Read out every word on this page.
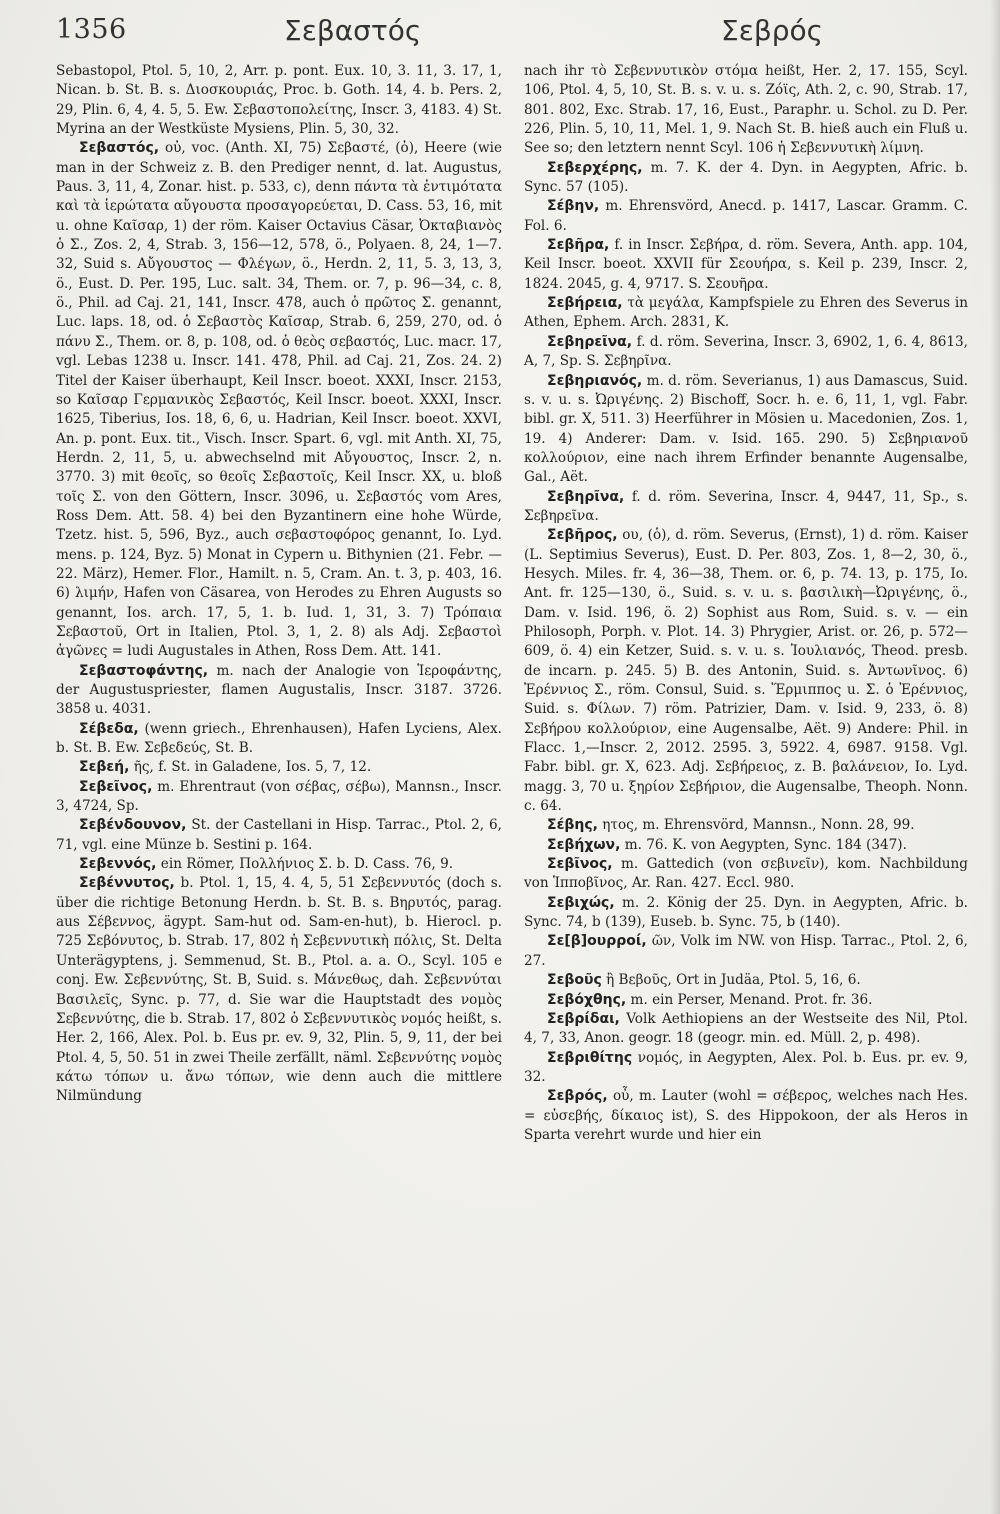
1356	Σεβαστός	Σεβρός

Sebastopol, Ptol. 5, 10, 2, Arr. p. pont. Eux. 10, 3. 11, 3. 17, 1, Nican. b. St. B. s. Διοσκουριάς, Proc. b. Goth. 14, 4. b. Pers. 2, 29, Plin. 6, 4, 4. 5, 5. Ew. Σεβαστοπολείτης, Inscr. 3, 4183. 4) St. Myrina an der Westküste Mysiens, Plin. 5, 30, 32.

Σεβαστός, οὐ, voc. (Anth. XI, 75) Σεβαστέ, (ὁ), Heere (wie man in der Schweiz z. B. den Prediger nennt, d. lat. Augustus, Paus. 3, 11, 4, Zonar. hist. p. 533, c), denn πάντα τὰ ἐντιμότατα καὶ τὰ ἱερώτατα αὔγουστα προσαγορεύεται, D. Cass. 53, 16, mit u. ohne Καῖσαρ, 1) der röm. Kaiser Octavius Cäsar, Ὀκταβιανὸς ὁ Σ., Zos. 2, 4, Strab. 3, 156—12, 578, ö., Polyaen. 8, 24, 1—7. 32, Suid s. Αὔγουστος — Φλέγων, ö., Herdn. 2, 11, 5. 3, 13, 3, ö., Eust. D. Per. 195, Luc. salt. 34, Them. or. 7, p. 96—34, c. 8, ö., Phil. ad Caj. 21, 141, Inscr. 478, auch ὁ πρῶτος Σ. genannt, Luc. laps. 18, od. ὁ Σεβαστὸς Καῖσαρ, Strab. 6, 259, 270, od. ὁ πάνυ Σ., Them. or. 8, p. 108, od. ὁ θεὸς σεβαστός, Luc. macr. 17, vgl. Lebas 1238 u. Inscr. 141. 478, Phil. ad Caj. 21, Zos. 24. 2) Titel der Kaiser überhaupt, Keil Inscr. boeot. XXXI, Inscr. 2153, so Καῖσαρ Γερμανικὸς Σεβαστός, Keil Inscr. boeot. XXXI, Inscr. 1625, Tiberius, Ios. 18, 6, 6, u. Hadrian, Keil Inscr. boeot. XXVI, An. p. pont. Eux. tit., Visch. Inscr. Spart. 6, vgl. mit Anth. XI, 75, Herdn. 2, 11, 5, u. abwechselnd mit Αὔγουστος, Inscr. 2, n. 3770. 3) mit θεοῖς, so θεοῖς Σεβαστοῖς, Keil Inscr. XX, u. bloß τοῖς Σ. von den Göttern, Inscr. 3096, u. Σεβαστός vom Ares, Ross Dem. Att. 58. 4) bei den Byzantinern eine hohe Würde, Tzetz. hist. 5, 596, Byz., auch σεβαστοφόρος genannt, Io. Lyd. mens. p. 124, Byz. 5) Monat in Cypern u. Bithynien (21. Febr. — 22. März), Hemer. Flor., Hamilt. n. 5, Cram. An. t. 3, p. 403, 16. 6) λιμήν, Hafen von Cäsarea, von Herodes zu Ehren Augusts so genannt, Ios. arch. 17, 5, 1. b. Iud. 1, 31, 3. 7) Τρόπαια Σεβαστοῦ, Ort in Italien, Ptol. 3, 1, 2. 8) als Adj. Σεβαστοὶ ἀγῶνες = ludi Augustales in Athen, Ross Dem. Att. 141.

Σεβαστοφάντης, m. nach der Analogie von Ἱεροφάντης, der Augustuspriester, flamen Augustalis, Inscr. 3187. 3726. 3858 u. 4031.

Σέβεδα, (wenn griech., Ehrenhausen), Hafen Lyciens, Alex. b. St. B. Ew. Σεβεδεύς, St. B.

Σεβεή, ῆς, f. St. in Galadene, Ios. 5, 7, 12.

Σεβεῖνος, m. Ehrentraut (von σέβας, σέβω), Mannsn., Inscr. 3, 4724, Sp.

Σεβένδουνον, St. der Castellani in Hisp. Tarrac., Ptol. 2, 6, 71, vgl. eine Münze b. Sestini p. 164.

Σεβεννός, ein Römer, Πολλήνιος Σ. b. D. Cass. 76, 9.

Σεβέννυτος, b. Ptol. 1, 15, 4. 4, 5, 51 Σεβεννυτός (doch s. über die richtige Betonung Herdn. b. St. B. s. Βηρυτός, parag. aus Σέβεννος, ägypt. Sam-hut od. Sam-en-hut), b. Hierocl. p. 725 Σεβόνυτος, b. Strab. 17, 802 ἡ Σεβεννυτικὴ πόλις, St. Delta Unterägyptens, j. Semmenud, St. B., Ptol. a. a. O., Scyl. 105 e conj. Ew. Σεβεννύτης, St. B, Suid. s. Μάνεθως, dah. Σεβεννύται Βασιλεῖς, Sync. p. 77, d. Sie war die Hauptstadt des νομὸς Σεβεννύτης, die b. Strab. 17, 802 ὁ Σεβεννυτικὸς νομός heißt, s. Her. 2, 166, Alex. Pol. b. Eus pr. ev. 9, 32, Plin. 5, 9, 11, der bei Ptol. 4, 5, 50. 51 in zwei Theile zerfällt, näml. Σεβεννύτης νομὸς κάτω τόπων u. ἄνω τόπων, wie denn auch die mittlere Nilmündung

nach ihr τὸ Σεβεννυτικὸν στόμα heißt, Her. 2, 17. 155, Scyl. 106, Ptol. 4, 5, 10, St. B. s. v. u. s. Ζόϊς, Ath. 2, c. 90, Strab. 17, 801. 802, Exc. Strab. 17, 16, Eust., Paraphr. u. Schol. zu D. Per. 226, Plin. 5, 10, 11, Mel. 1, 9. Nach St. B. hieß auch ein Fluß u. See so; den letztern nennt Scyl. 106 ἡ Σεβεννυτικὴ λίμνη.

Σεβερχέρης, m. 7. K. der 4. Dyn. in Aegypten, Afric. b. Sync. 57 (105).

Σέβην, m. Ehrensvörd, Anecd. p. 1417, Lascar. Gramm. C. Fol. 6.

Σεβῆρα, f. in Inscr. Σεβήρα, d. röm. Severa, Anth. app. 104, Keil Inscr. boeot. XXVII für Σεουήρα, s. Keil p. 239, Inscr. 2, 1824. 2045, g. 4, 9717. S. Σεουῆρα.

Σεβήρεια, τὰ μεγάλα, Kampfspiele zu Ehren des Severus in Athen, Ephem. Arch. 2831, K.

Σεβηρεῖνα, f. d. röm. Severina, Inscr. 3, 6902, 1, 6. 4, 8613, A, 7, Sp. S. Σεβηρῖνα.

Σεβηριανός, m. d. röm. Severianus, 1) aus Damascus, Suid. s. v. u. s. Ὠριγένης. 2) Bischoff, Socr. h. e. 6, 11, 1, vgl. Fabr. bibl. gr. X, 511. 3) Heerführer in Mösien u. Macedonien, Zos. 1, 19. 4) Anderer: Dam. v. Isid. 165. 290. 5) Σεβηριανοῦ κολλούριον, eine nach ihrem Erfinder benannte Augensalbe, Gal., Aët.

Σεβηρῖνα, f. d. röm. Severina, Inscr. 4, 9447, 11, Sp., s. Σεβηρεῖνα.

Σεβῆρος, ου, (ὁ), d. röm. Severus, (Ernst), 1) d. röm. Kaiser (L. Septimius Severus), Eust. D. Per. 803, Zos. 1, 8—2, 30, ö., Hesych. Miles. fr. 4, 36—38, Them. or. 6, p. 74. 13, p. 175, Io. Ant. fr. 125—130, ö., Suid. s. v. u. s. βασιλικὴ—Ὠριγένης, ö., Dam. v. Isid. 196, ö. 2) Sophist aus Rom, Suid. s. v. — ein Philosoph, Porph. v. Plot. 14. 3) Phrygier, Arist. or. 26, p. 572—609, ö. 4) ein Ketzer, Suid. s. v. u. s. Ἰουλιανός, Theod. presb. de incarn. p. 245. 5) B. des Antonin, Suid. s. Ἀντωνῖνος. 6) Ἐρέννιος Σ., röm. Consul, Suid. s. Ἕρμιππος u. Σ. ὁ Ἐρέννιος, Suid. s. Φίλων. 7) röm. Patrizier, Dam. v. Isid. 9, 233, ö. 8) Σεβήρου κολλούριον, eine Augensalbe, Aët. 9) Andere: Phil. in Flacc. 1,—Inscr. 2, 2012. 2595. 3, 5922. 4, 6987. 9158. Vgl. Fabr. bibl. gr. X, 623. Adj. Σεβήρειος, z. B. βαλάνειον, Io. Lyd. magg. 3, 70 u. ξηρίον Σεβήριον, die Augensalbe, Theoph. Nonn. c. 64.

Σέβης, ητος, m. Ehrensvörd, Mannsn., Nonn. 28, 99.

Σεβήχων, m. 76. K. von Aegypten, Sync. 184 (347).

Σεβῖνος, m. Gattedich (von σεβινεῖν), kom. Nachbildung von Ἱπποβῖνος, Ar. Ran. 427. Eccl. 980.

Σεβιχώς, m. 2. König der 25. Dyn. in Aegypten, Afric. b. Sync. 74, b (139), Euseb. b. Sync. 75, b (140).

Σε[β]ουρροί, ῶν, Volk im NW. von Hisp. Tarrac., Ptol. 2, 6, 27.

Σεβοῦς ἢ Βεβοῦς, Ort in Judäa, Ptol. 5, 16, 6.

Σεβόχθης, m. ein Perser, Menand. Prot. fr. 36.

Σεβρίδαι, Volk Aethiopiens an der Westseite des Nil, Ptol. 4, 7, 33, Anon. geogr. 18 (geogr. min. ed. Müll. 2, p. 498).

Σεβριθίτης νομός, in Aegypten, Alex. Pol. b. Eus. pr. ev. 9, 32.

Σεβρός, οὖ, m. Lauter (wohl = σέβερος, welches nach Hes. = εὐσεβής, δίκαιος ist), S. des Hippokoon, der als Heros in Sparta verehrt wurde und hier ein
